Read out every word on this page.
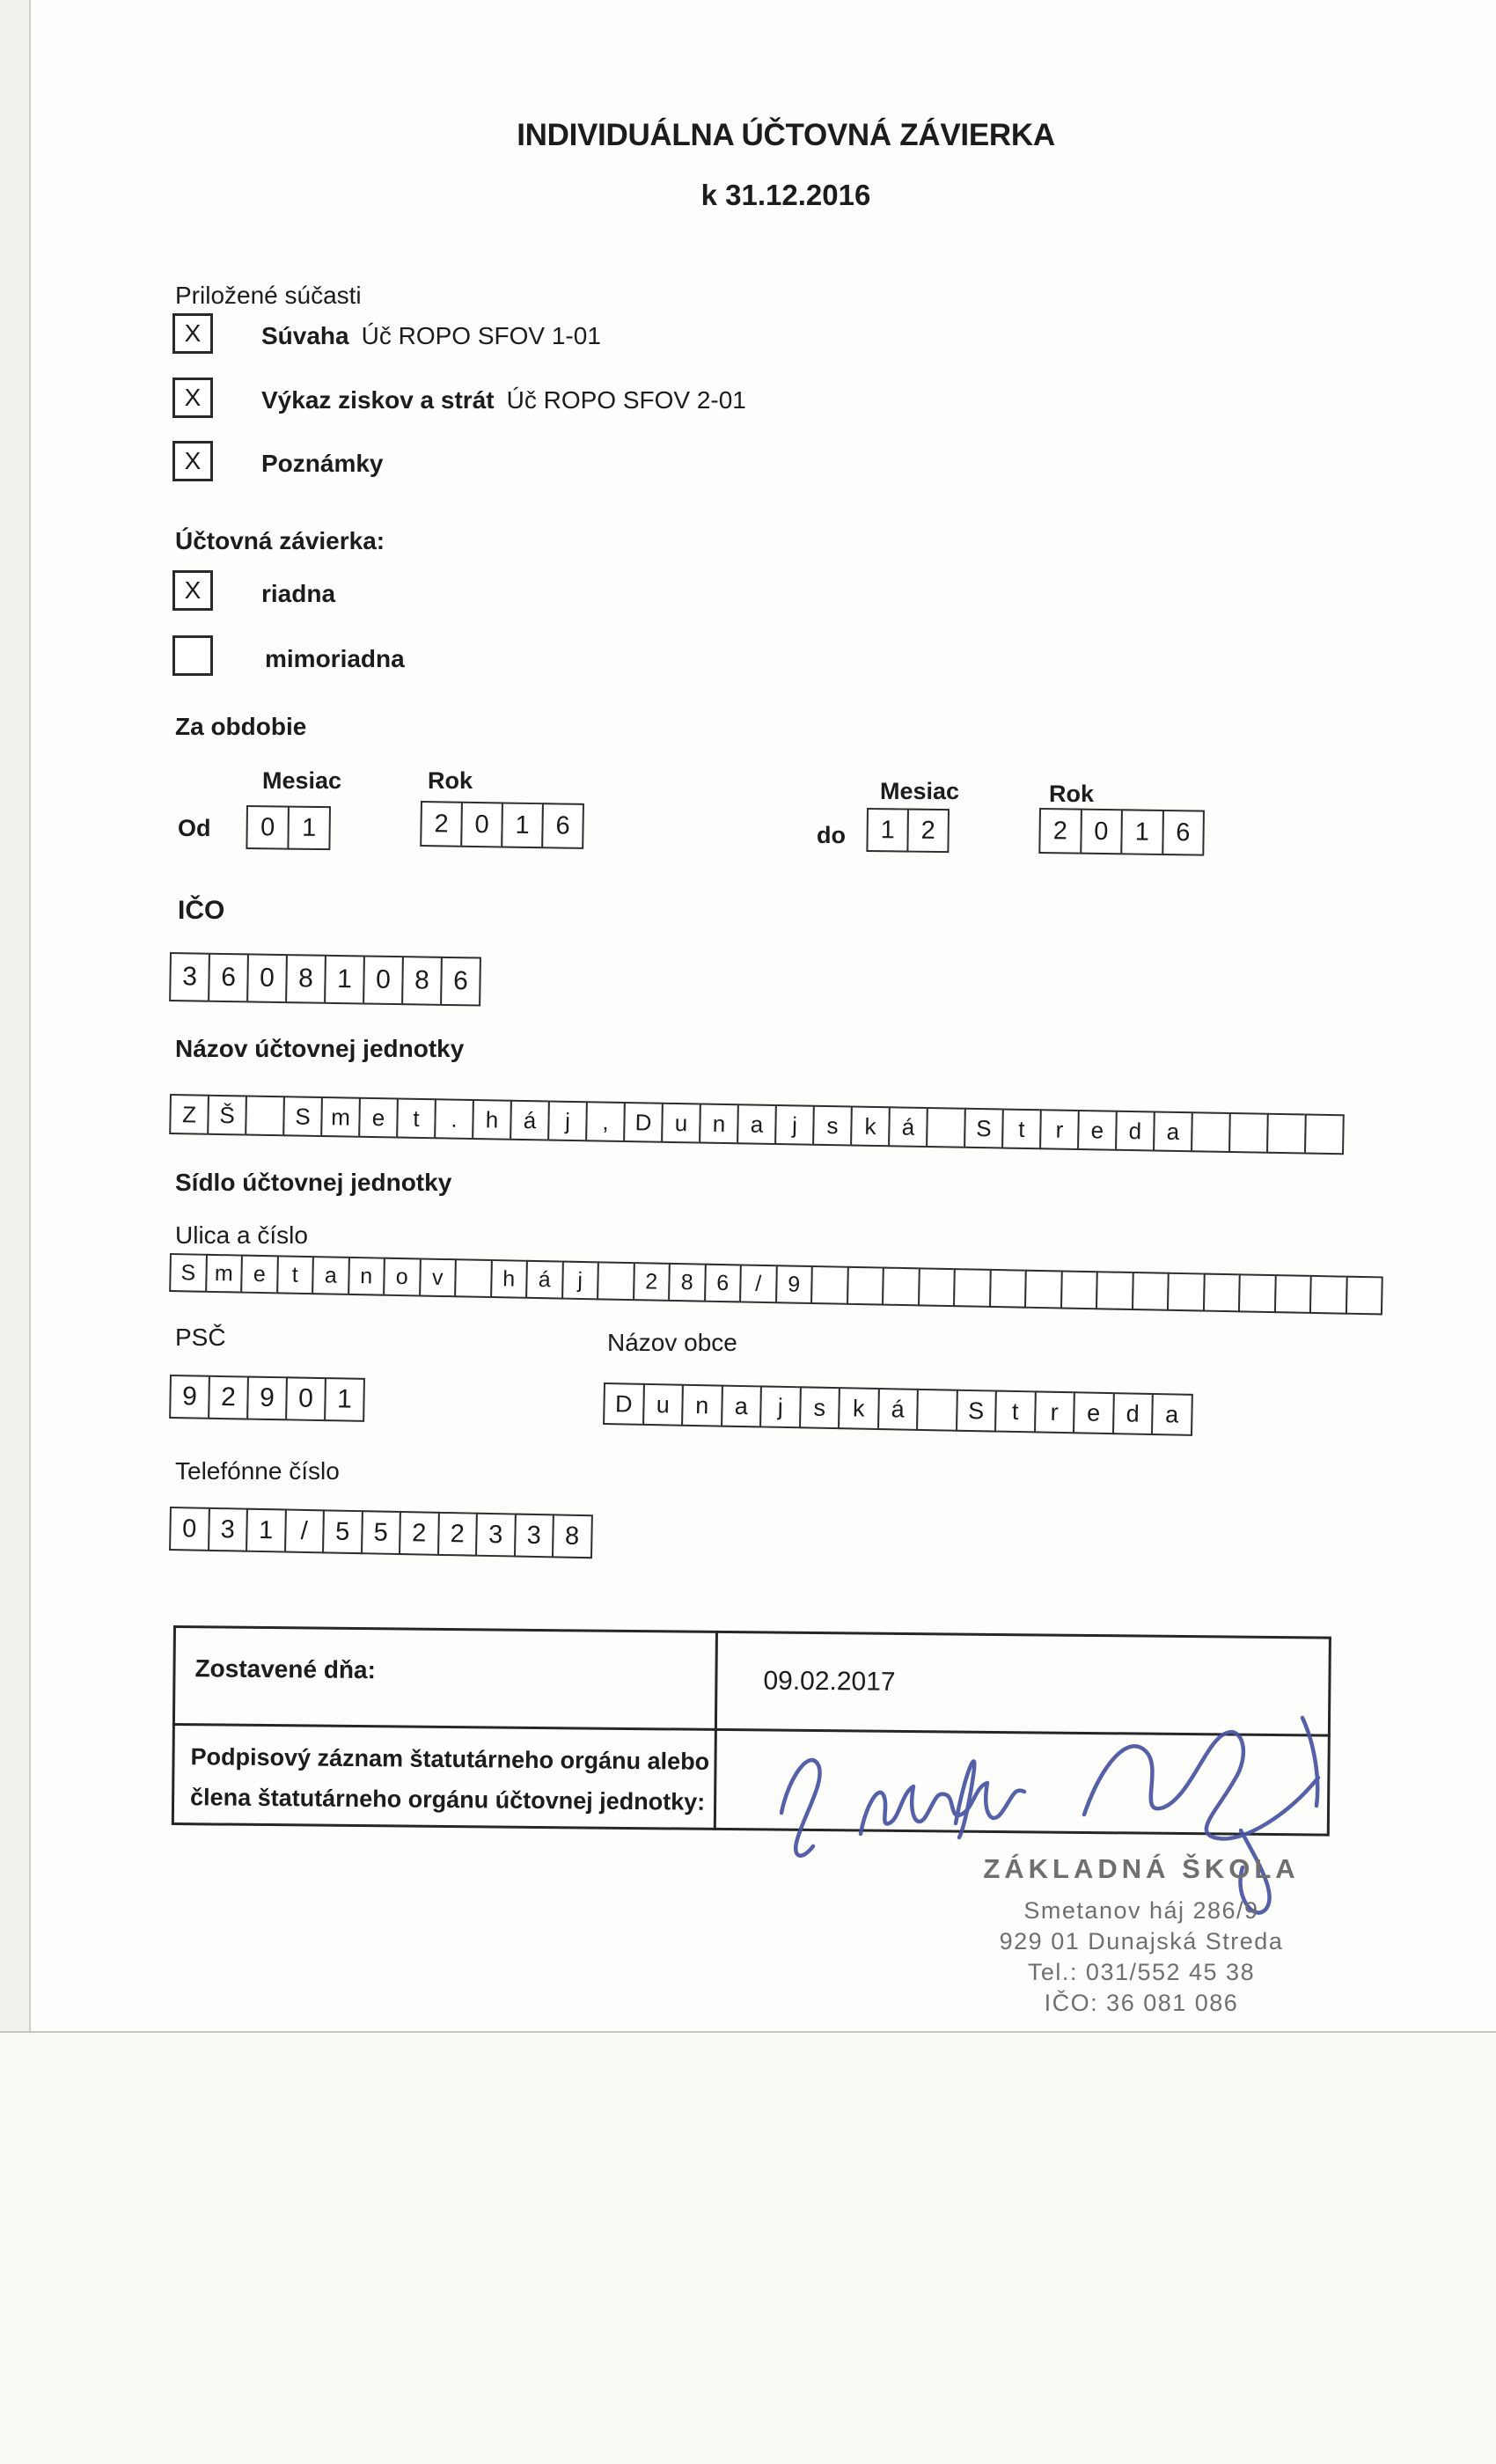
INDIVIDUÁLNA ÚČTOVNÁ ZÁVIERKA
k 31.12.2016
Priložené súčasti
X	Súvaha Úč ROPO SFOV 1-01
X	Výkaz ziskov a strát Úč ROPO SFOV 2-01
X	Poznámky
Účtovná závierka:
X	riadna
mimoriadna
Za obdobie
Mesiac	Rok
Od	0	1	2	0	1	6
Mesiac	Rok
do	1	2	2	0	1	6
IČO
3 6 0 8 1 0 8 6
Názov účtovnej jednotky
Z Š	S m e	t	.	h	á	j	,	D u	n	a	j	s	k	á	S	t	r	e	d	a
Sídlo účtovnej jednotky
Ulica a číslo
S m e	t	a	n	o	v	h	á	j	2	8	6	/	9
PSČ	Názov obce
9 2 9 0 1	D u	n	a	j	s	k	á	S	t	r	e	d	a
Telefónne číslo
0 3 1	/	5 5 2 2 3 3 8
Zostavené dňa:	09.02.2017
Podpisový záznam štatutárneho orgánu alebo
člena štatutárneho orgánu účtovnej jednotky:
ZÁKLADNÁ ŠKOLA
Smetanov háj 286/9
929 01 Dunajská Streda
Tel.: 031/552 45 38
IČO: 36 081 086
